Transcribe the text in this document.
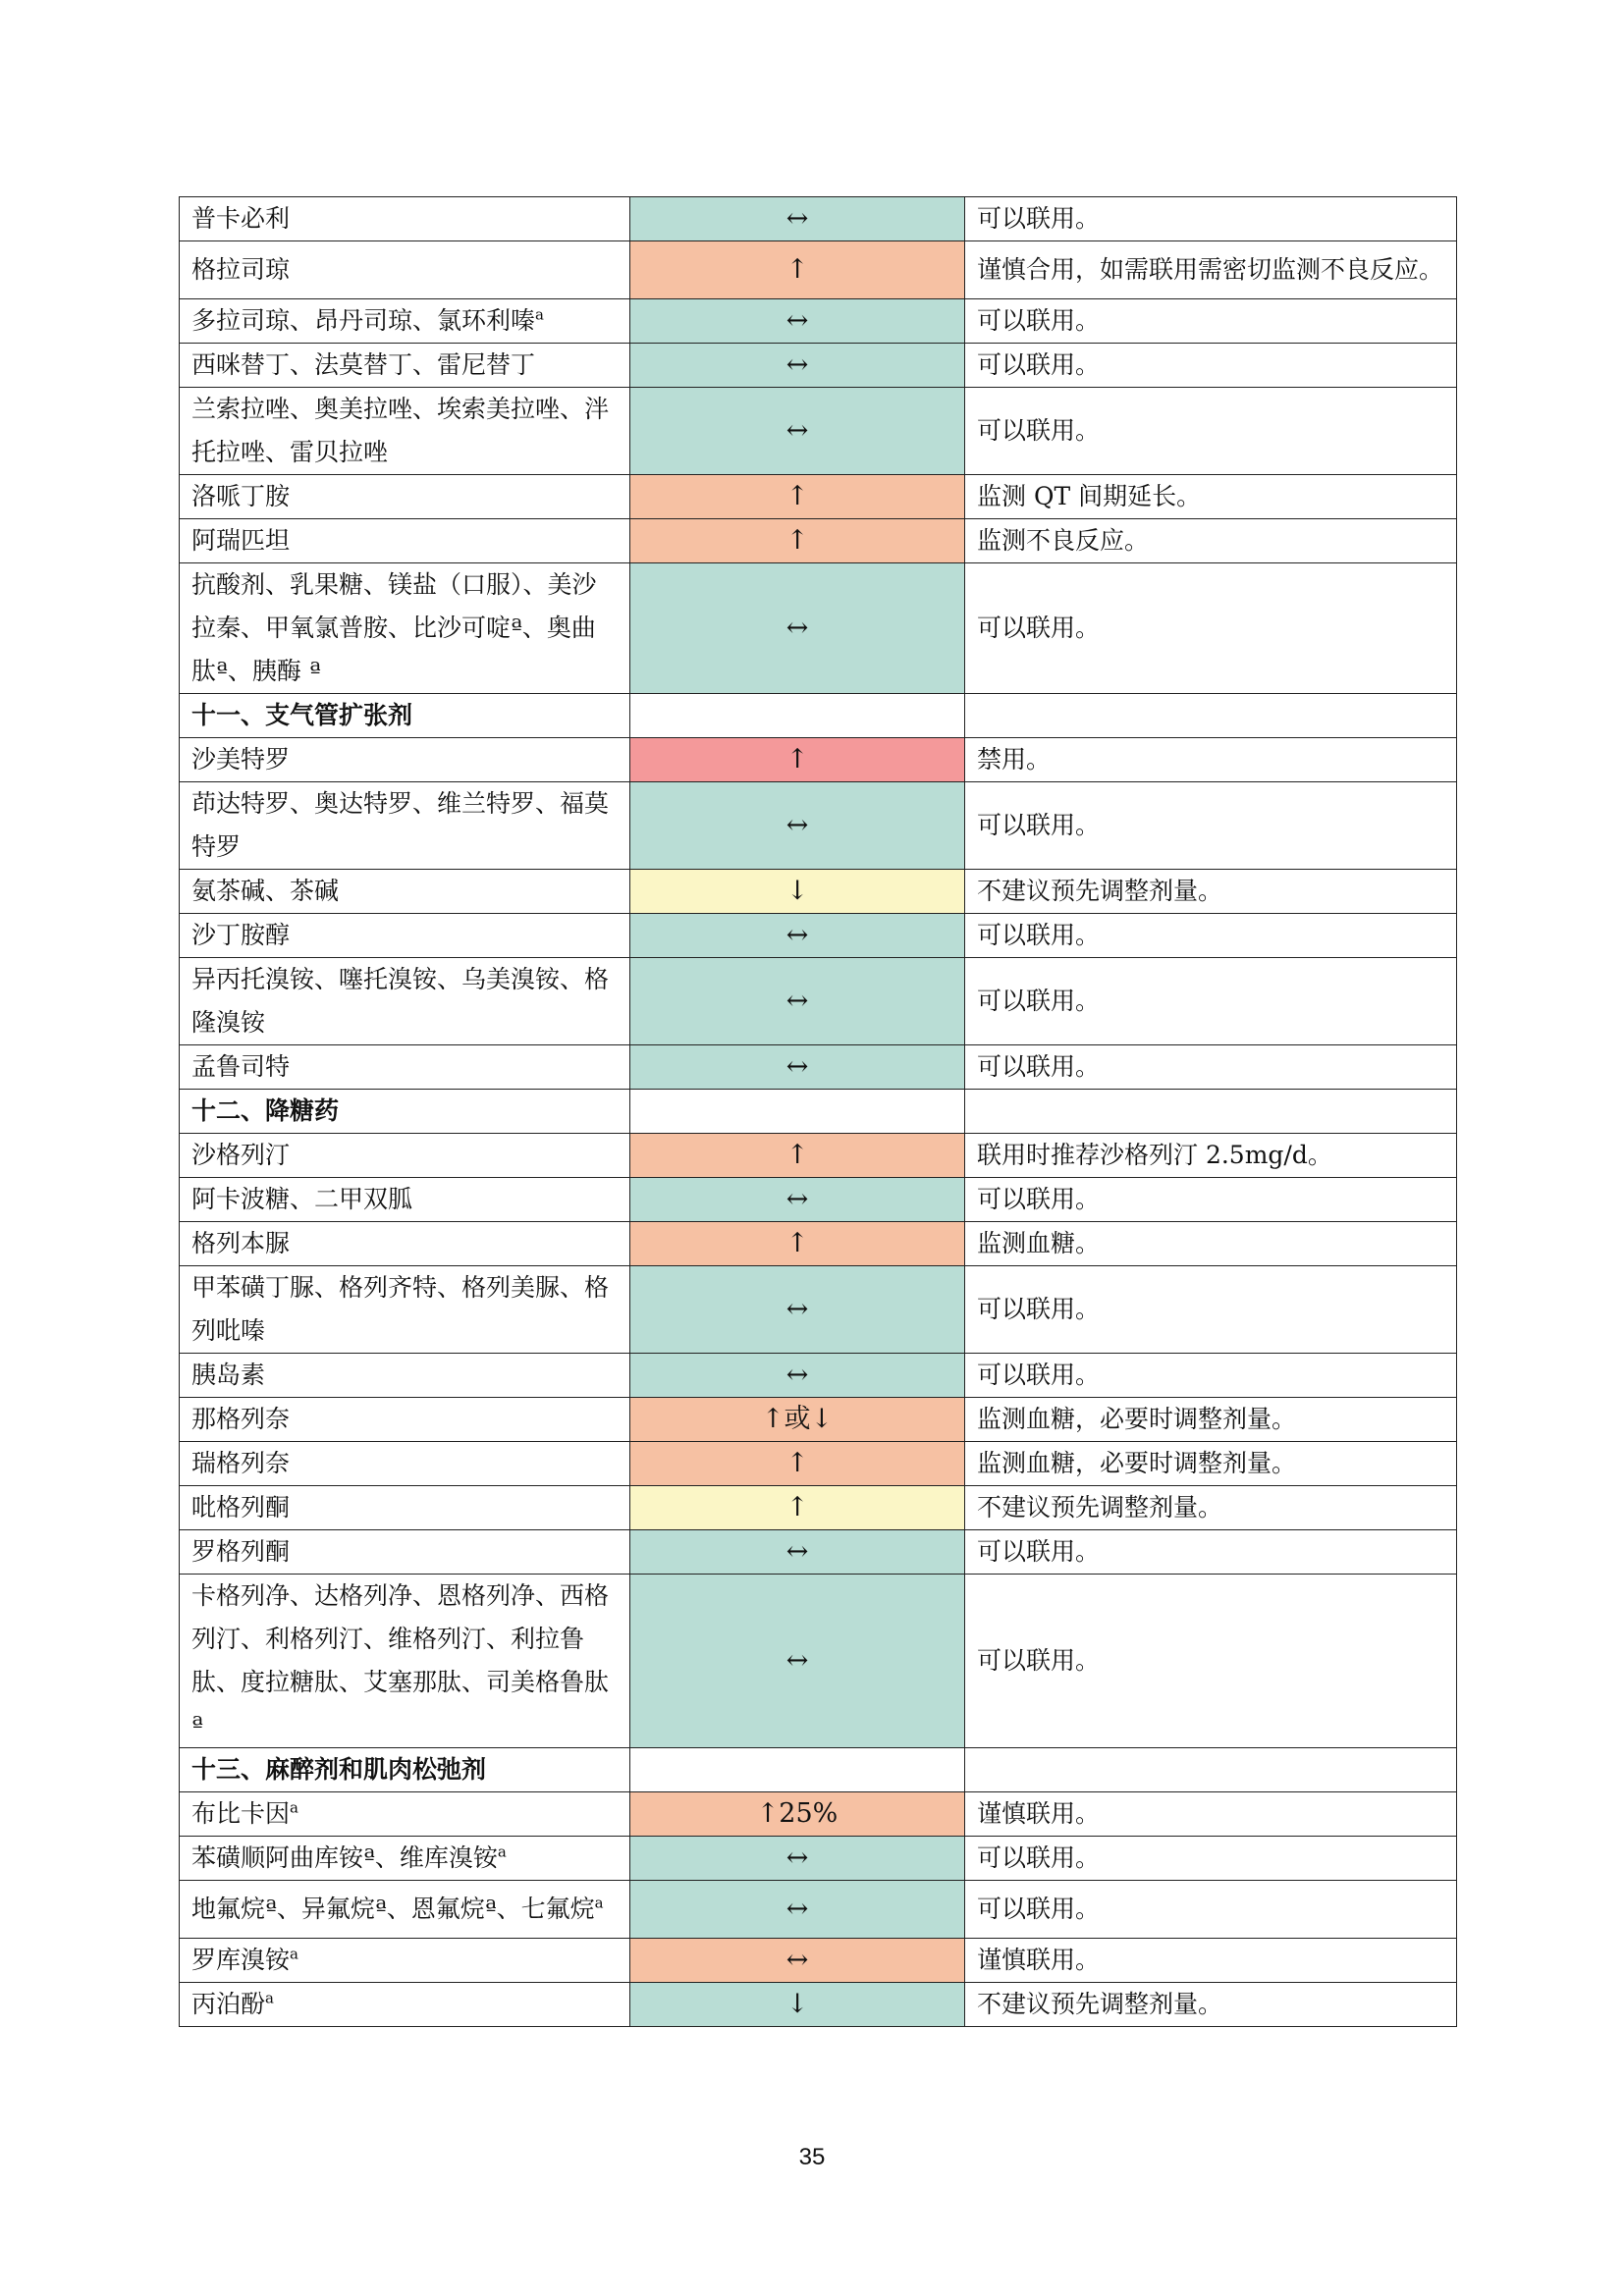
普卡必利	↔	可以联用。
格拉司琼	↑	谨慎合用，如需联用需密切监测不良反应。
多拉司琼、昂丹司琼、氯环利嗪$^a$	↔	可以联用。
西咪替丁、法莫替丁、雷尼替丁	↔	可以联用。
兰索拉唑、奥美拉唑、埃索美拉唑、泮托拉唑、雷贝拉唑	↔	可以联用。
洛哌丁胺	↑	监测 QT 间期延长。
阿瑞匹坦	↑	监测不良反应。
抗酸剂、乳果糖、镁盐（口服）、美沙拉秦、甲氧氯普胺、比沙可啶ª、奥曲肽ª、胰酶 ª	↔	可以联用。
十一、支气管扩张剂		
沙美特罗	↑	禁用。
茚达特罗、奥达特罗、维兰特罗、福莫特罗	↔	可以联用。
氨茶碱、茶碱	↓	不建议预先调整剂量。
沙丁胺醇	↔	可以联用。
异丙托溴铵、噻托溴铵、乌美溴铵、格隆溴铵	↔	可以联用。
孟鲁司特	↔	可以联用。
十二、降糖药		
沙格列汀	↑	联用时推荐沙格列汀 2.5mg/d。
阿卡波糖、二甲双胍	↔	可以联用。
格列本脲	↑	监测血糖。
甲苯磺丁脲、格列齐特、格列美脲、格列吡嗪	↔	可以联用。
胰岛素	↔	可以联用。
那格列奈	↑或↓	监测血糖，必要时调整剂量。
瑞格列奈	↑	监测血糖，必要时调整剂量。
吡格列酮	↑	不建议预先调整剂量。
罗格列酮	↔	可以联用。
卡格列净、达格列净、恩格列净、西格列汀、利格列汀、维格列汀、利拉鲁肽、度拉糖肽、艾塞那肽、司美格鲁肽ª	↔	可以联用。
十三、麻醉剂和肌肉松弛剂		
布比卡因$^a$	↑25%	谨慎联用。
苯磺顺阿曲库铵ª、维库溴铵$^a$	↔	可以联用。
地氟烷ª、异氟烷ª、恩氟烷ª、七氟烷$^a$	↔	可以联用。
罗库溴铵$^a$	↔	谨慎联用。
丙泊酚$^a$	↓	不建议预先调整剂量。
35
